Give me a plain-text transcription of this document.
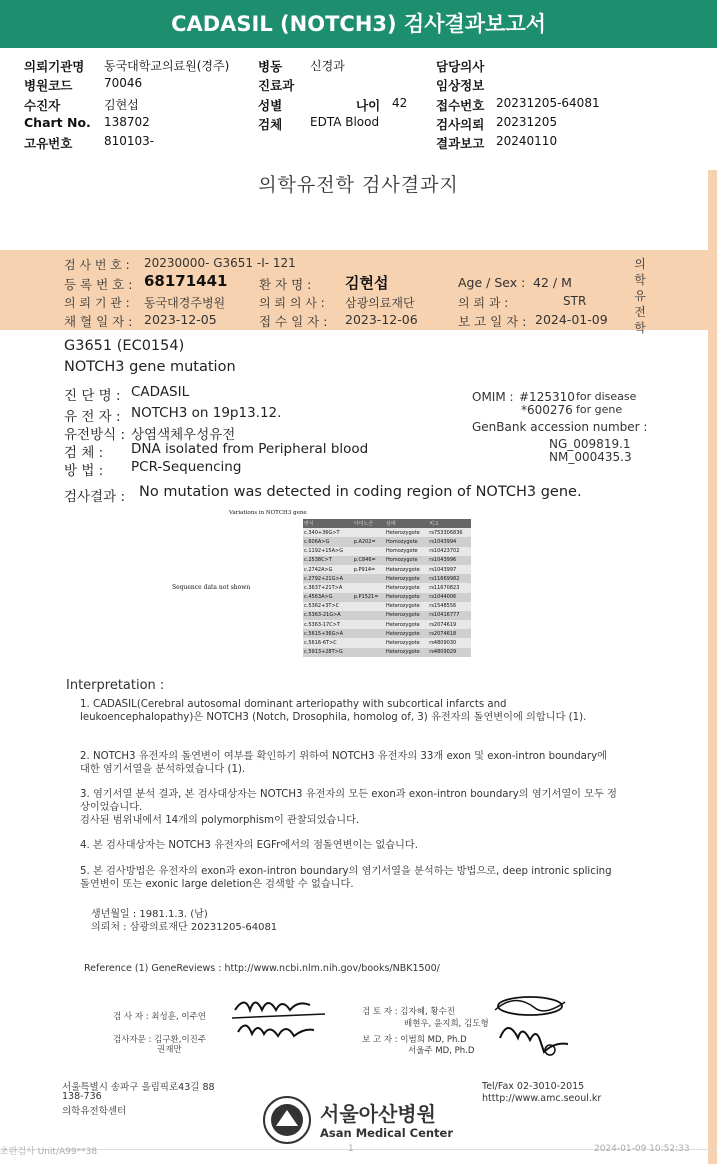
CADASIL (NOTCH3) 검사결과보고서
의뢰기관명 동국대학교의료원(경주)
병원코드	70046
수진자	김현섭
Chart No. 138702
고유번호	810103-
병동 신경과
진료과
성별	나이 42
검체 EDTA Blood
담당의사
임상정보
접수번호 20231205-64081
검사의뢰 20231205
결과보고 20240110
의학유전학 검사결과지
의학유전학
검 사 번 호 : 20230000- G3651 -I- 121
등 록 번 호 : 68171441	환 자 명 : 김현섭	Age / Sex : 42 / M
의 뢰 기 관 : 동국대경주병원	의 뢰 의 사 : 삼광의료재단	의 뢰 과 :	STR
채 혈 일 자 : 2023-12-05	접 수 일 자 : 2023-12-06	보 고 일 자 : 2024-01-09
G3651 (EC0154)
NOTCH3 gene mutation
진 단 명 : CADASIL
유 전 자 : NOTCH3 on 19p13.12.
유전방식 : 상염색체우성유전
검 체 : DNA isolated from Peripheral blood
방 법 : PCR-Sequencing
OMIM : #125310 for disease
*600276 for gene
GenBank accession number :
NG_009819.1
NM_000435.3
검사결과 : No mutation was detected in coding region of NOTCH3 gene.
Variations in NOTCH3 gene
Sequence data not shown
변이	아미노산	상태	비고
c.340+36G>T		Heterozygote	rs753306836
c.606A>G	p.A202=	Homozygote	rs1043994
c.1192+15A>G		Homozygote	rs10423702
c.2538C>T	p.C846=	Homozygote	rs1043996
c.2742A>G	p.P914=	Heterozygote	rs1043997
c.2792+21G>A		Heterozygote	rs11669982
c.3637+21T>A		Heterozygote	rs11670823
c.4563A>G	p.P1521=	Heterozygote	rs1044006
c.5362+3T>C		Heterozygote	rs1548556
c.5363-21G>A		Heterozygote	rs10416777
c.5363-17C>T		Heterozygote	rs2074619
c.5615+36G>A		Heterozygote	rs2074618
c.5616-6T>C		Heterozygote	rs4809030
c.5913+28T>G		Heterozygote	rs4809029
Interpretation :
1. CADASIL(Cerebral autosomal dominant arteriopathy with subcortical infarcts and leukoencephalopathy)은 NOTCH3 (Notch, Drosophila, homolog of, 3) 유전자의 돌연변이에 의합니다 (1).
2. NOTCH3 유전자의 돌연변이 여부를 확인하기 위하여 NOTCH3 유전자의 33개 exon 및 exon-intron boundary에 대한 염기서열을 분석하였습니다 (1).
3. 염기서열 분석 결과, 본 검사대상자는 NOTCH3 유전자의 모든 exon과 exon-intron boundary의 염기서열이 모두 정상이었습니다.
검사된 범위내에서 14개의 polymorphism이 관찰되었습니다.
4. 본 검사대상자는 NOTCH3 유전자의 EGFr에서의 점돌연변이는 없습니다.
5. 본 검사방법은 유전자의 exon과 exon-intron boundary의 염기서열을 분석하는 방법으로, deep intronic splicing 돌연변이 또는 exonic large deletion은 검색할 수 없습니다.
생년월일 : 1981.1.3. (남)
의뢰처 : 삼광의료재단 20231205-64081
Reference (1) GeneReviews : http://www.ncbi.nlm.nih.gov/books/NBK1500/
검 사 자 : 최성훈, 이주연
검사자문 : 김구환,이진주
권재만
검 토 자 : 김자혜, 황수진
배현우, 윤지희, 김도형
보 고 자 : 이범희 MD, Ph.D
서울주 MD, Ph.D
서울아산병원
Asan Medical Center
서울특별시 송파구 올림픽로43길 88
138-736
의학유전학센터
Tel/Fax 02-3010-2015
htttp://www.amc.seoul.kr
초판검사 Unit/A99**38	1	2024-01-09 10:52:33
